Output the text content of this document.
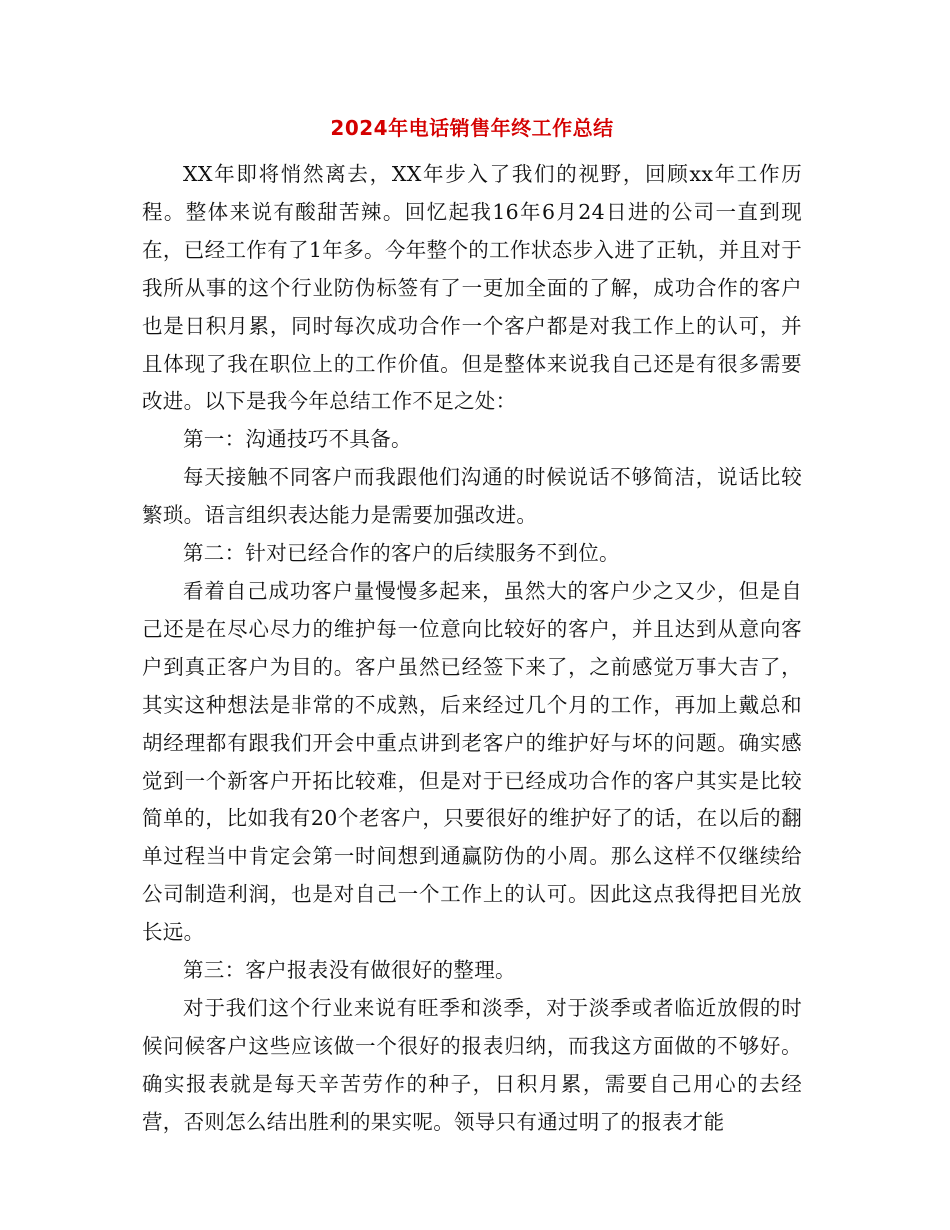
2024年电话销售年终工作总结

XX年即将悄然离去，XX年步入了我们的视野，回顾xx年工作历程。整体来说有酸甜苦辣。回忆起我16年6月24日进的公司一直到现在，已经工作有了1年多。今年整个的工作状态步入进了正轨，并且对于我所从事的这个行业防伪标签有了一更加全面的了解，成功合作的客户也是日积月累，同时每次成功合作一个客户都是对我工作上的认可，并且体现了我在职位上的工作价值。但是整体来说我自己还是有很多需要改进。以下是我今年总结工作不足之处：

第一：沟通技巧不具备。

每天接触不同客户而我跟他们沟通的时候说话不够简洁，说话比较繁琐。语言组织表达能力是需要加强改进。

第二：针对已经合作的客户的后续服务不到位。

看着自己成功客户量慢慢多起来，虽然大的客户少之又少，但是自己还是在尽心尽力的维护每一位意向比较好的客户，并且达到从意向客户到真正客户为目的。客户虽然已经签下来了，之前感觉万事大吉了，其实这种想法是非常的不成熟，后来经过几个月的工作，再加上戴总和胡经理都有跟我们开会中重点讲到老客户的维护好与坏的问题。确实感觉到一个新客户开拓比较难，但是对于已经成功合作的客户其实是比较简单的，比如我有20个老客户，只要很好的维护好了的话，在以后的翻单过程当中肯定会第一时间想到通赢防伪的小周。那么这样不仅继续给公司制造利润，也是对自己一个工作上的认可。因此这点我得把目光放长远。

第三：客户报表没有做很好的整理。

对于我们这个行业来说有旺季和淡季，对于淡季或者临近放假的时候问候客户这些应该做一个很好的报表归纳，而我这方面做的不够好。确实报表就是每天辛苦劳作的种子，日积月累，需要自己用心的去经营，否则怎么结出胜利的果实呢。领导只有通过明了的报表才能
